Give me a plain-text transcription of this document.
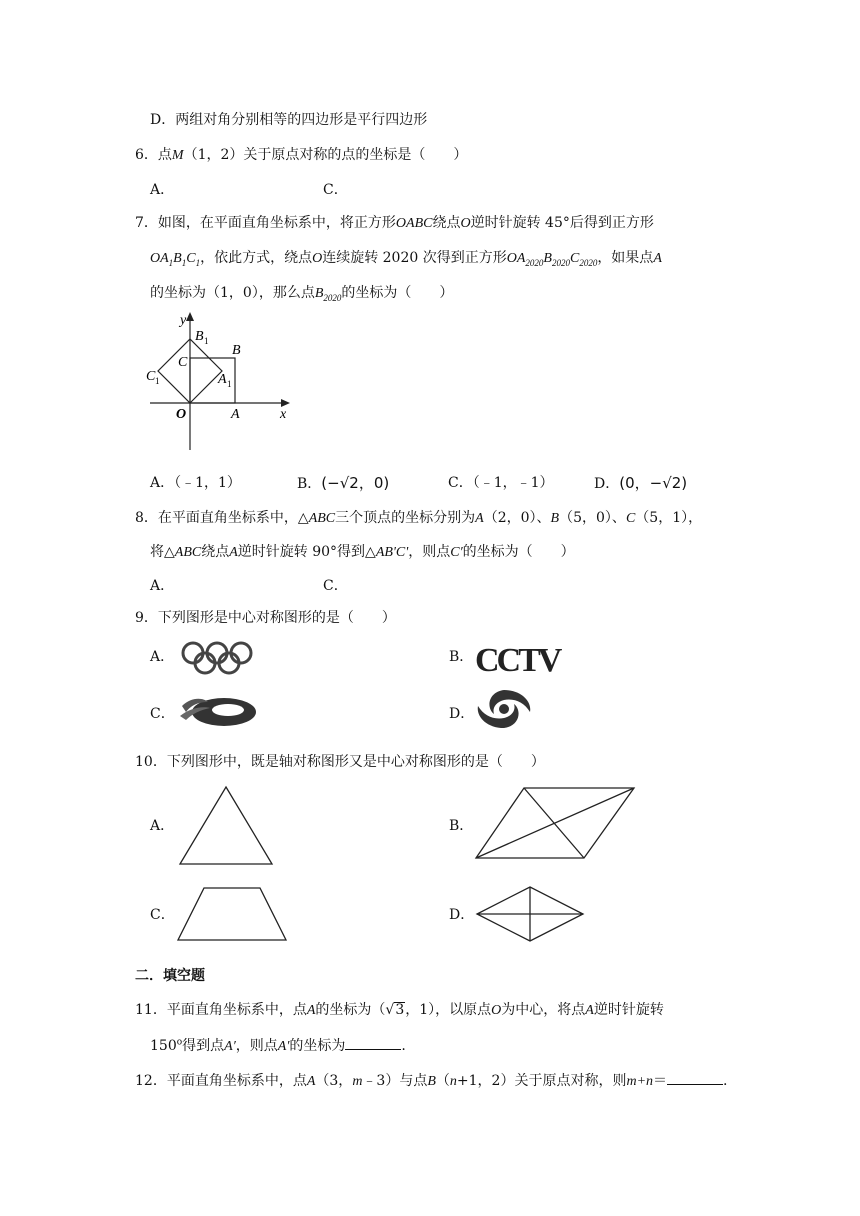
D．两组对角分别相等的四边形是平行四边形
6．点M（1，2）关于原点对称的点的坐标是（　　）
A．	C．
7．如图，在平面直角坐标系中，将正方形OABC绕点O逆时针旋转 45°后得到正方形
$OA_1B_1C_1$，依此方式，绕点O连续旋转 2020 次得到正方形$OA_{2020}B_{2020}C_{2020}$，如果点A
的坐标为（1，0），那么点$B_{2020}$的坐标为（　　）
y
x
B 1
B
C
C 1	A 1
O	A
A．（﹣1，1）	B．(−√2，0)	C．（﹣1，﹣1）	D．(0，−√2)
8．在平面直角坐标系中，△ABC三个顶点的坐标分别为A（2，0）、B（5，0）、C（5，1），
将△ABC绕点A逆时针旋转 90°得到△AB'C'，则点C′的坐标为（　　）
A．	C．
9．下列图形是中心对称图形的是（　　）
A．	B． CCTV
C．	D．
10．下列图形中，既是轴对称图形又是中心对称图形的是（　　）
A．	B．
C．	D．
二．填空题
11．平面直角坐标系中，点A的坐标为（√3，1），以原点O为中心，将点A逆时针旋转
150$^o$得到点A′，则点A′的坐标为	.
12．平面直角坐标系中，点A（3，m﹣3）与点B（n+1，2）关于原点对称，则m+n＝	.
